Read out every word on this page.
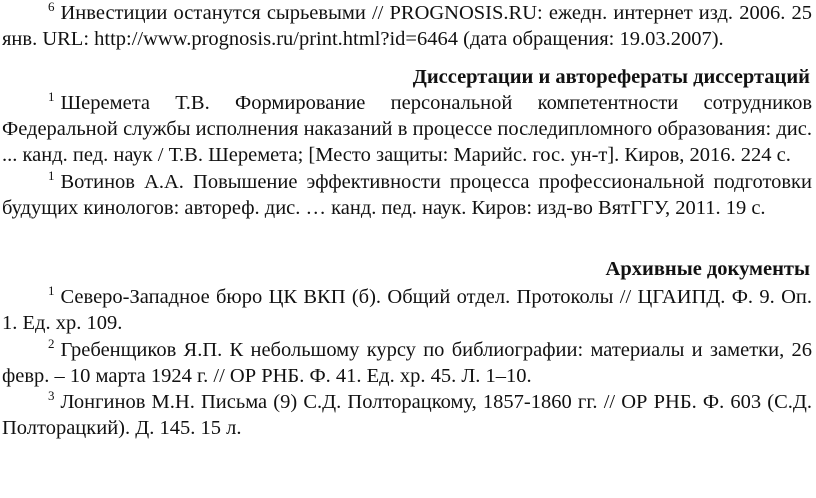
$^6$ Инвестиции останутся сырьевыми // PROGNOSIS.RU: ежедн. интернет изд. 2006. 25 янв. URL: http://www.prognosis.ru/print.html?id=6464 (дата обращения: 19.03.2007).

Диссертации и автореферaты диссертаций

$^1$ Шеремета Т.В. Формирование персональной компетентности сотрудников Федеральной службы исполнения наказаний в процессе последипломного образования: дис. ... канд. пед. наук / Т.В. Шеремета; [Место защиты: Марийс. гос. ун-т]. Киров, 2016. 224 с.

$^1$ Вотинов А.А. Повышение эффективности процесса профессиональной подготовки будущих кинологов: автореф. дис. … канд. пед. наук. Киров: изд-во ВятГГУ, 2011. 19 с.

Архивные документы

$^1$ Северо-Западное бюро ЦК ВКП (б). Общий отдел. Протоколы // ЦГАИПД. Ф. 9. Оп. 1. Ед. хр. 109.

$^2$ Гребенщиков Я.П. К небольшому курсу по библиографии: материалы и заметки, 26 февр. – 10 марта 1924 г. // ОР РНБ. Ф. 41. Ед. хр. 45. Л. 1–10.

$^3$ Лонгинов М.Н. Письма (9) С.Д. Полторацкому, 1857-1860 гг. // ОР РНБ. Ф. 603 (С.Д. Полторацкий). Д. 145. 15 л.
